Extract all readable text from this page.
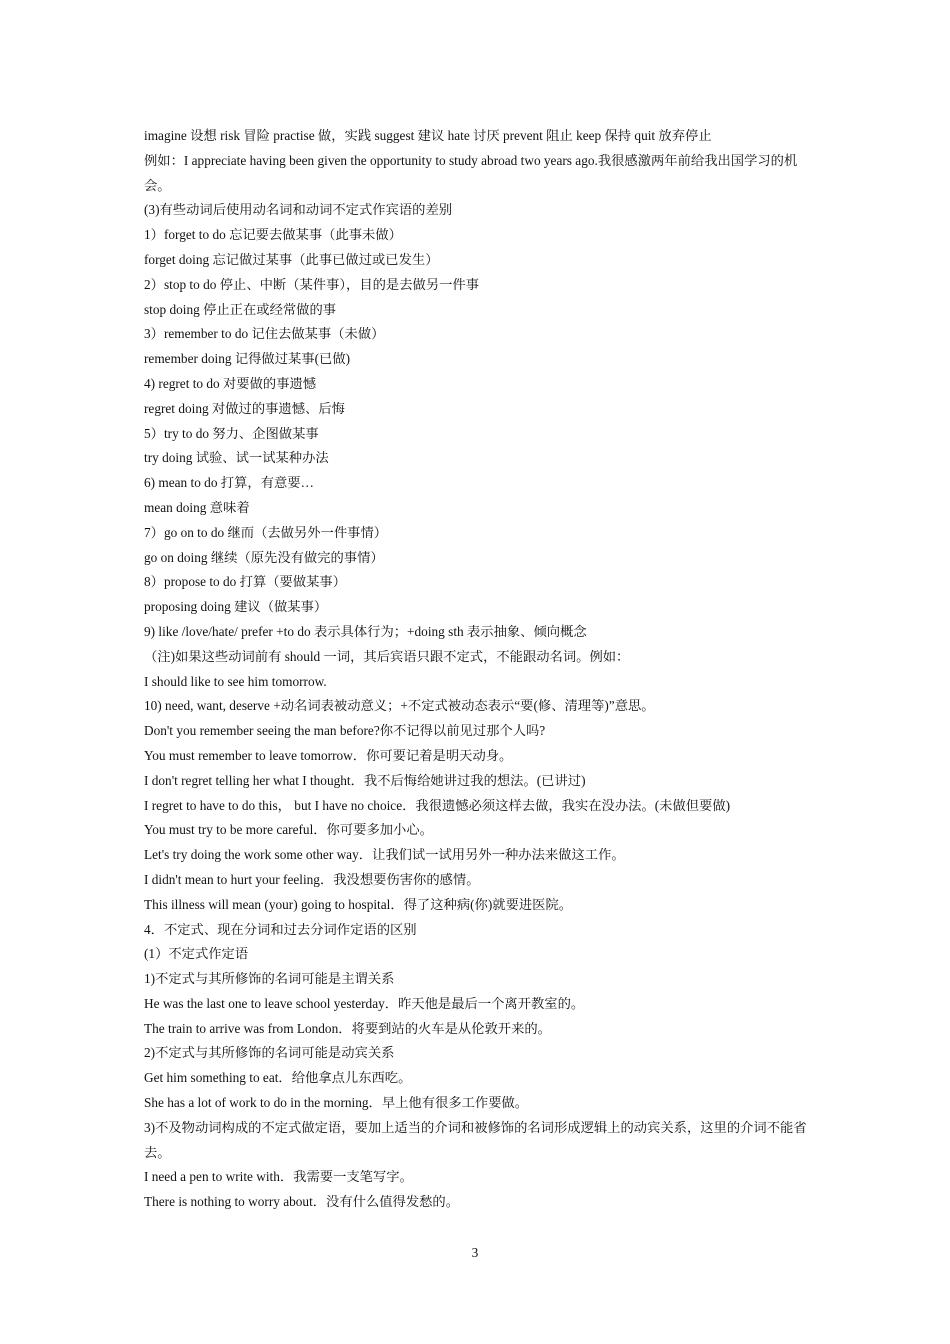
imagine 设想 risk 冒险 practise 做，实践 suggest 建议 hate 讨厌 prevent 阻止 keep 保持 quit 放弃停止
例如：I appreciate having been given the opportunity to study abroad two years ago.我很感激两年前给我出国学习的机会。
(3)有些动词后使用动名词和动词不定式作宾语的差别
1）forget to do 忘记要去做某事（此事未做）
forget doing 忘记做过某事（此事已做过或已发生）
2）stop to do 停止、中断（某件事），目的是去做另一件事
stop doing 停止正在或经常做的事
3）remember to do 记住去做某事（未做）
remember doing 记得做过某事(已做)
4) regret to do 对要做的事遗憾
regret doing 对做过的事遗憾、后悔
5）try to do 努力、企图做某事
try doing 试验、试一试某种办法
6) mean to do 打算，有意要…
mean doing 意味着
7）go on to do 继而（去做另外一件事情）
go on doing 继续（原先没有做完的事情）
8）propose to do 打算（要做某事）
proposing doing 建议（做某事）
9) like /love/hate/ prefer +to do 表示具体行为；+doing sth 表示抽象、倾向概念
（注)如果这些动词前有 should 一词，其后宾语只跟不定式，不能跟动名词。例如：
I should like to see him tomorrow.
10) need, want, deserve +动名词表被动意义；+不定式被动态表示“要(修、清理等)”意思。
Don't you remember seeing the man before?你不记得以前见过那个人吗?
You must remember to leave tomorrow．你可要记着是明天动身。
I don't regret telling her what I thought．我不后悔给她讲过我的想法。(已讲过)
I regret to have to do this， but I have no choice．我很遗憾必须这样去做，我实在没办法。(未做但要做)
You must try to be more careful．你可要多加小心。
Let's try doing the work some other way．让我们试一试用另外一种办法来做这工作。
I didn't mean to hurt your feeling．我没想要伤害你的感情。
This illness will mean (your) going to hospital．得了这种病(你)就要进医院。
4．不定式、现在分词和过去分词作定语的区别
(1）不定式作定语
1)不定式与其所修饰的名词可能是主谓关系
He was the last one to leave school yesterday．昨天他是最后一个离开教室的。
The train to arrive was from London．将要到站的火车是从伦敦开来的。
2)不定式与其所修饰的名词可能是动宾关系
Get him something to eat．给他拿点儿东西吃。
She has a lot of work to do in the morning．早上他有很多工作要做。
3)不及物动词构成的不定式做定语，要加上适当的介词和被修饰的名词形成逻辑上的动宾关系，这里的介词不能省去。
I need a pen to write with．我需要一支笔写字。
There is nothing to worry about．没有什么值得发愁的。
3
